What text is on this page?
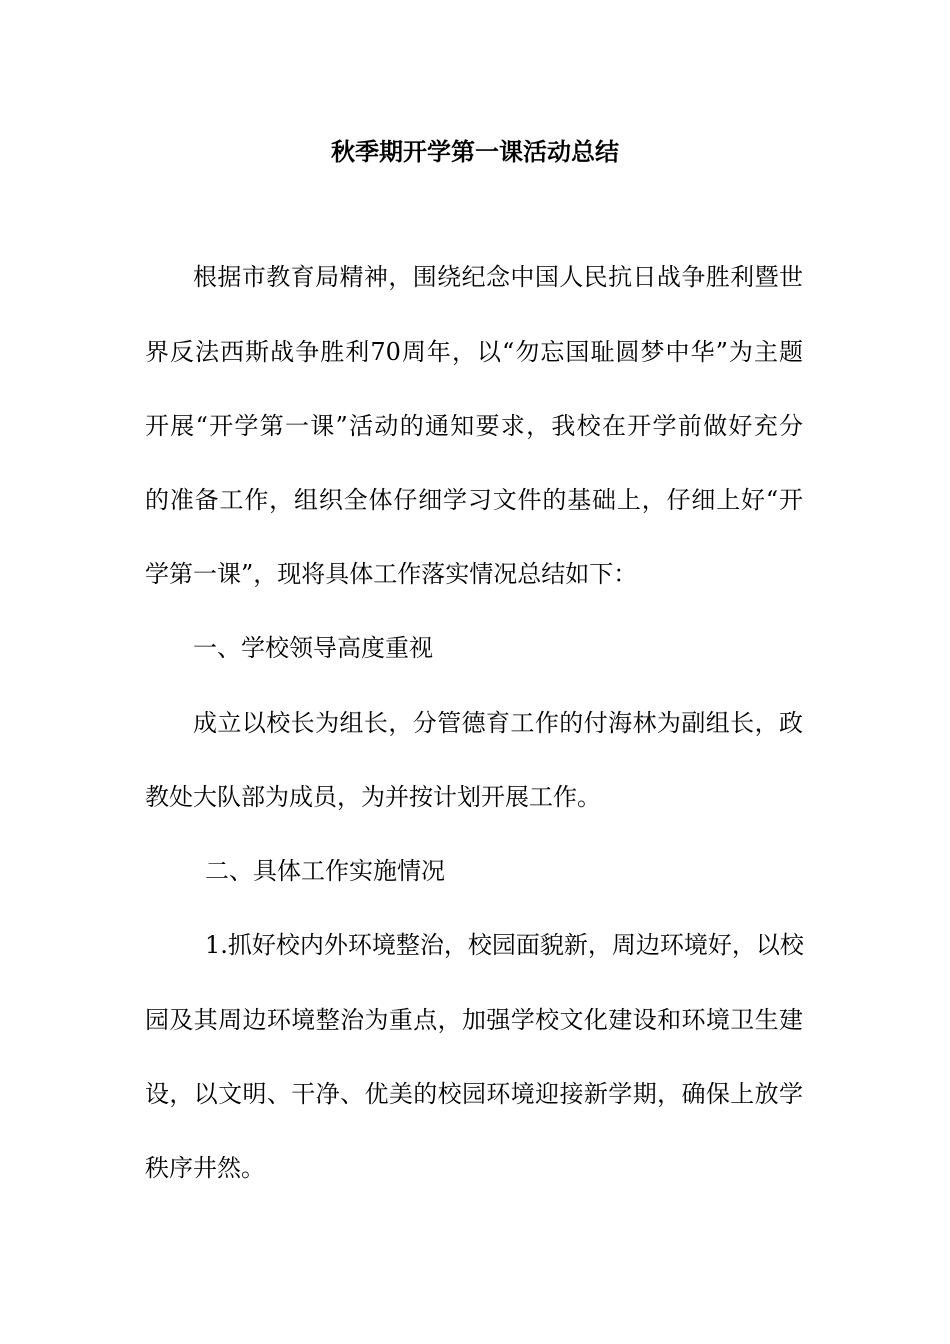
秋季期开学第一课活动总结
根据市教育局精神，围绕纪念中国人民抗日战争胜利暨世
界反法西斯战争胜利70周年，以“勿忘国耻圆梦中华”为主题
开展“开学第一课”活动的通知要求，我校在开学前做好充分
的准备工作，组织全体仔细学习文件的基础上，仔细上好“开
学第一课”，现将具体工作落实情况总结如下：
一、学校领导高度重视
成立以校长为组长，分管德育工作的付海林为副组长，政
教处大队部为成员，为并按计划开展工作。
二、具体工作实施情况
1.抓好校内外环境整治，校园面貌新，周边环境好，以校
园及其周边环境整治为重点，加强学校文化建设和环境卫生建
设，以文明、干净、优美的校园环境迎接新学期，确保上放学
秩序井然。
